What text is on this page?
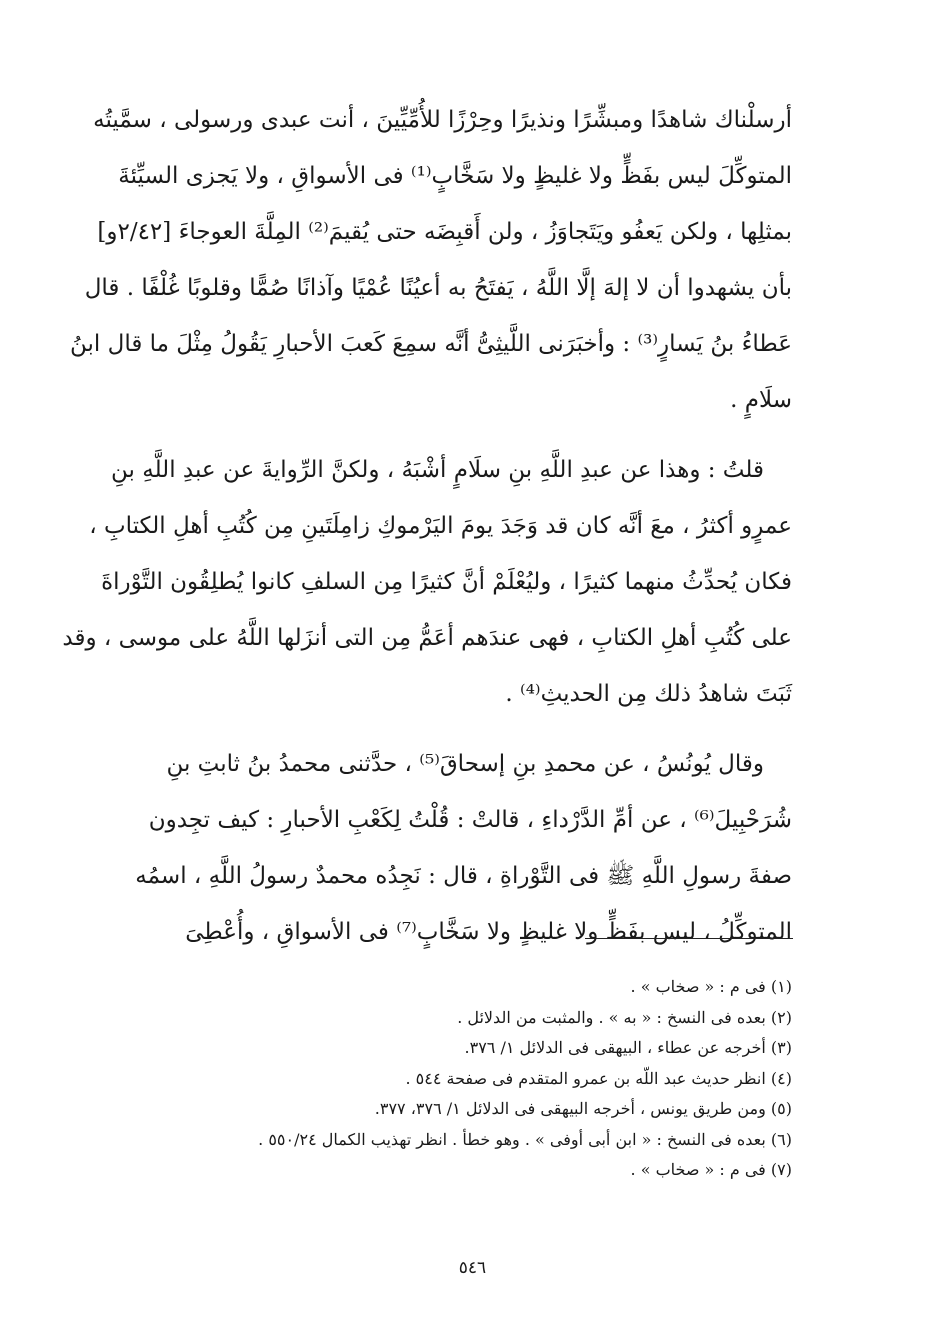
أرسلْناك شاهدًا ومبشِّرًا ونذيرًا وحِرْزًا للأُمِّيِّينَ ، أنت عبدى ورسولى ، سمَّيتُه
المتوكِّلَ ليس بفَظٍّ ولا غليظٍ ولا سَخَّابٍ⁽¹⁾ فى الأسواقِ ، ولا يَجزى السيِّئةَ
بمثلِها ، ولكن يَعفُو ويَتَجاوَزُ ، ولن أَقبِضَه حتى يُقيمَ⁽²⁾ المِلَّةَ العوجاءَ [٢/٤٢و]
بأن يشهدوا أن لا إلهَ إلَّا اللَّهُ ، يَفتَحُ به أعيُنًا عُمْيًا وآذانًا صُمًّا وقلوبًا غُلْفًا . قال
عَطاءُ بنُ يَسارٍ⁽³⁾ : وأخبَرَنى اللَّيثِىُّ أنَّه سمِعَ كَعبَ الأحبارِ يَقُولُ مِثْلَ ما قال ابنُ
سلَامٍ .

قلتُ : وهذا عن عبدِ اللَّهِ بنِ سلَامٍ أشْبَهُ ، ولكنَّ الرِّوايةَ عن عبدِ اللَّهِ بنِ
عمرٍو أكثرُ ، معَ أنَّه كان قد وَجَدَ يومَ اليَرْموكِ زامِلَتَينِ مِن كُتُبِ أهلِ الكتابِ ،
فكان يُحدِّثُ منهما كثيرًا ، وليُعْلَمْ أنَّ كثيرًا مِن السلفِ كانوا يُطلِقُون التَّوْراةَ
على كُتُبِ أهلِ الكتابِ ، فهى عندَهم أعَمُّ مِن التى أنزَلها اللَّهُ على موسى ، وقد
ثَبَتَ شاهدُ ذلك مِن الحديثِ⁽⁴⁾ .

وقال يُونُسُ ، عن محمدِ بنِ إسحاقَ⁽⁵⁾ ، حدَّثنى محمدُ بنُ ثابتِ بنِ
شُرَحْبِيلَ⁽⁶⁾ ، عن أمِّ الدَّرْداءِ ، قالتْ : قُلْتُ لِكَعْبِ الأحبارِ : كيف تجِدون
صفةَ رسولِ اللَّهِ ﷺ فى التَّوْراةِ ، قال : نَجِدُه محمدٌ رسولُ اللَّهِ ، اسمُه
المتوكِّلُ ، ليس بفَظٍّ ولا غليظٍ ولا سَخَّابٍ⁽⁷⁾ فى الأسواقِ ، وأُعْطِىَ

(١) فى م : « صخاب » .
(٢) بعده فى النسخ : « به » . والمثبت من الدلائل .
(٣) أخرجه عن عطاء ، البيهقى فى الدلائل ١/ ٣٧٦.
(٤) انظر حديث عبد اللّه بن عمرو المتقدم فى صفحة ٥٤٤ .
(٥) ومن طريق يونس ، أخرجه البيهقى فى الدلائل ١/ ٣٧٦، ٣٧٧.
(٦) بعده فى النسخ : « ابن أبى أوفى » . وهو خطأ . انظر تهذيب الكمال ٥٥٠/٢٤ .
(٧) فى م : « صخاب » .
٥٤٦
